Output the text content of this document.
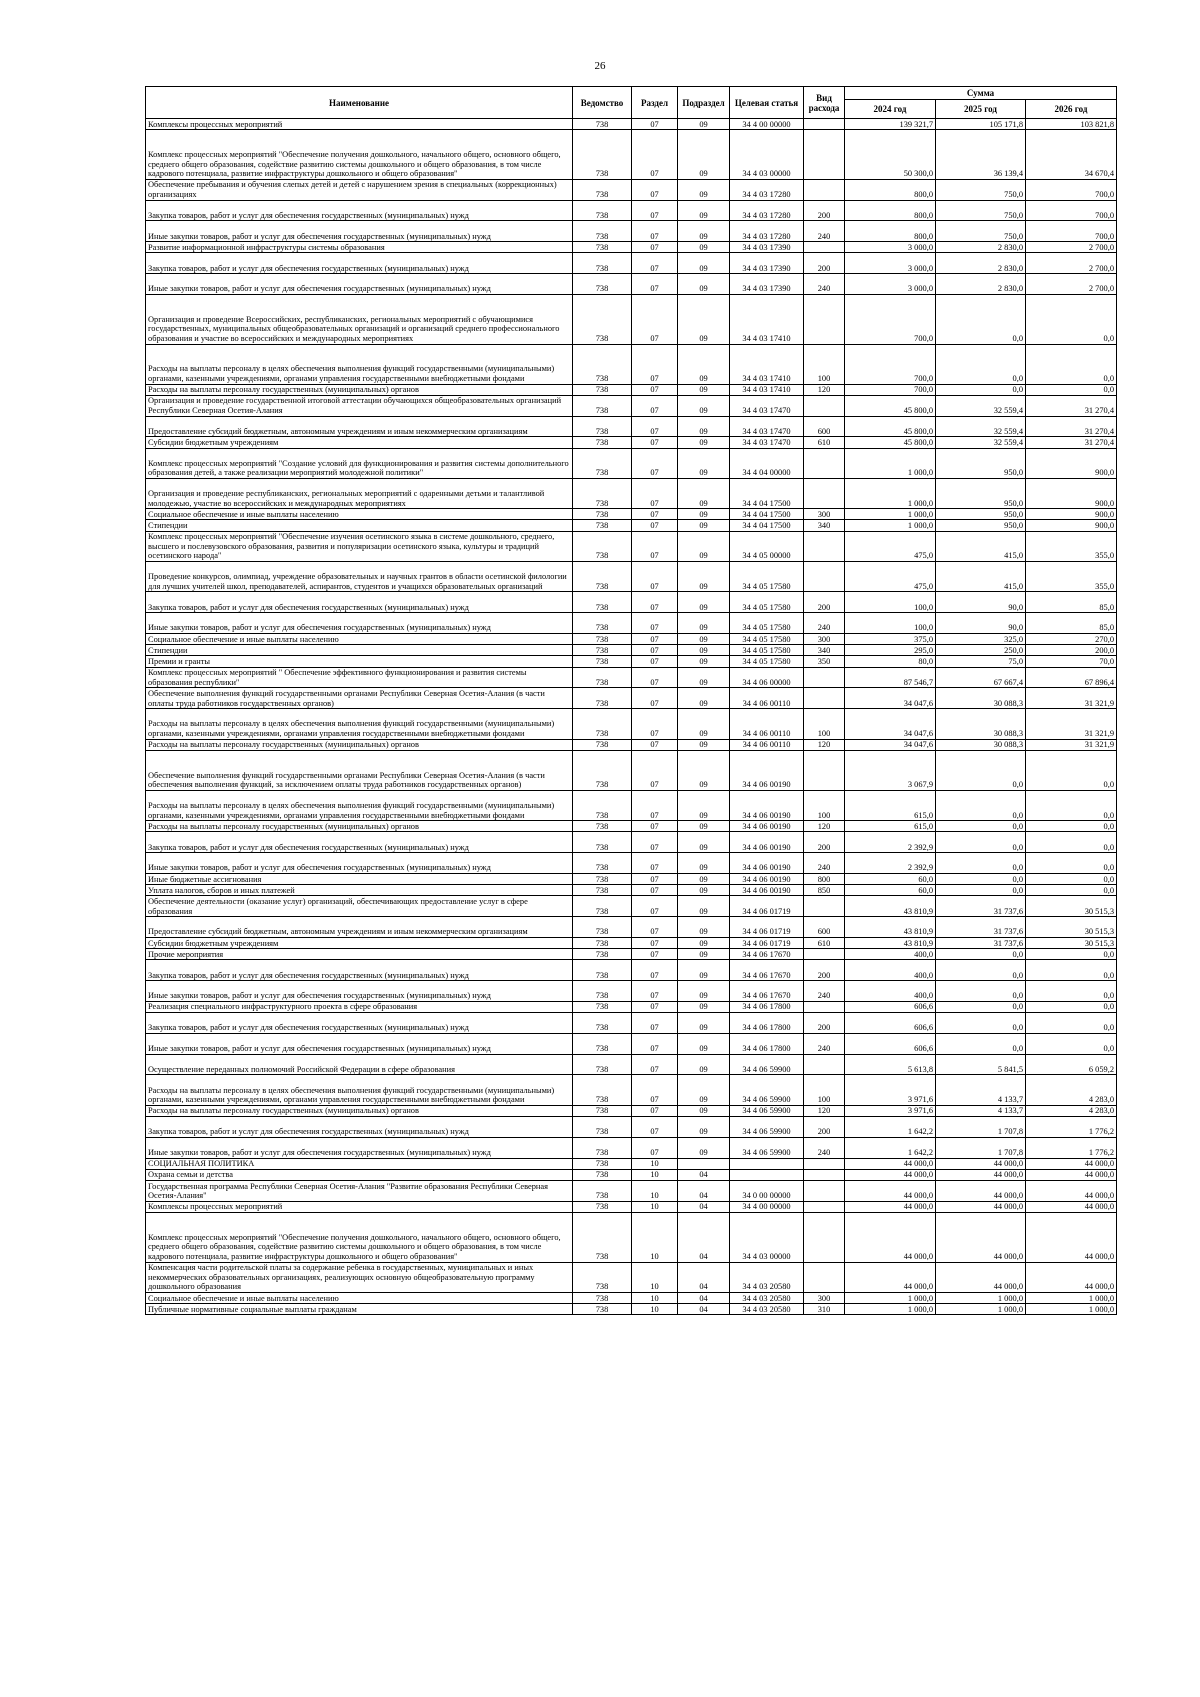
26
Наименование	Ведомство	Раздел	Подраздел	Целевая статья	Вид расхода	Сумма		
						2024 год	2025 год	2026 год
Комплексы процессных мероприятий	738	07	09	34 4 00 00000		139 321,7	105 171,8	103 821,8
Комплекс процессных мероприятий "Обеспечение получения дошкольного, начального общего, основного общего, среднего общего образования, содействие развитию системы дошкольного и общего образования, в том числе кадрового потенциала, развитие инфраструктуры дошкольного и общего образования"	738	07	09	34 4 03 00000		50 300,0	36 139,4	34 670,4
Обеспечение пребывания и обучения слепых детей и детей с нарушением зрения в специальных (коррекционных) организациях	738	07	09	34 4 03 17280		800,0	750,0	700,0
Закупка товаров, работ и услуг для обеспечения государственных (муниципальных) нужд	738	07	09	34 4 03 17280	200	800,0	750,0	700,0
Иные закупки товаров, работ и услуг для обеспечения государственных (муниципальных) нужд	738	07	09	34 4 03 17280	240	800,0	750,0	700,0
Развитие информационной инфраструктуры системы образования	738	07	09	34 4 03 17390		3 000,0	2 830,0	2 700,0
Закупка товаров, работ и услуг для обеспечения государственных (муниципальных) нужд	738	07	09	34 4 03 17390	200	3 000,0	2 830,0	2 700,0
Иные закупки товаров, работ и услуг для обеспечения государственных (муниципальных) нужд	738	07	09	34 4 03 17390	240	3 000,0	2 830,0	2 700,0
Организация и проведение Всероссийских, республиканских, региональных мероприятий с обучающимися государственных, муниципальных общеобразовательных организаций и организаций среднего профессионального образования и участие во всероссийских и международных мероприятиях	738	07	09	34 4 03 17410		700,0	0,0	0,0
Расходы на выплаты персоналу в целях обеспечения выполнения функций государственными (муниципальными) органами, казенными учреждениями, органами управления государственными внебюджетными фондами	738	07	09	34 4 03 17410	100	700,0	0,0	0,0
Расходы на выплаты персоналу государственных (муниципальных) органов	738	07	09	34 4 03 17410	120	700,0	0,0	0,0
Организация и проведение государственной итоговой аттестации обучающихся общеобразовательных организаций Республики Северная Осетия-Алания	738	07	09	34 4 03 17470		45 800,0	32 559,4	31 270,4
Предоставление субсидий бюджетным, автономным учреждениям и иным некоммерческим организациям	738	07	09	34 4 03 17470	600	45 800,0	32 559,4	31 270,4
Субсидии бюджетным учреждениям	738	07	09	34 4 03 17470	610	45 800,0	32 559,4	31 270,4
Комплекс процессных мероприятий "Создание условий для функционирования и развития системы дополнительного образования детей, а также реализации мероприятий молодежной политики"	738	07	09	34 4 04 00000		1 000,0	950,0	900,0
Организация и проведение республиканских, региональных мероприятий с одаренными детьми и талантливой молодежью, участие во всероссийских и международных мероприятиях	738	07	09	34 4 04 17500		1 000,0	950,0	900,0
Социальное обеспечение и иные выплаты населению	738	07	09	34 4 04 17500	300	1 000,0	950,0	900,0
Стипендии	738	07	09	34 4 04 17500	340	1 000,0	950,0	900,0
Комплекс процессных мероприятий "Обеспечение изучения осетинского языка в системе дошкольного, среднего, высшего и послевузовского образования, развития и популяризации осетинского языка, культуры и традиций осетинского народа"	738	07	09	34 4 05 00000		475,0	415,0	355,0
Проведение конкурсов, олимпиад, учреждение образовательных и научных грантов в области осетинской филологии для лучших учителей школ, преподавателей, аспирантов, студентов и учащихся образовательных организаций	738	07	09	34 4 05 17580		475,0	415,0	355,0
Закупка товаров, работ и услуг для обеспечения государственных (муниципальных) нужд	738	07	09	34 4 05 17580	200	100,0	90,0	85,0
Иные закупки товаров, работ и услуг для обеспечения государственных (муниципальных) нужд	738	07	09	34 4 05 17580	240	100,0	90,0	85,0
Социальное обеспечение и иные выплаты населению	738	07	09	34 4 05 17580	300	375,0	325,0	270,0
Стипендии	738	07	09	34 4 05 17580	340	295,0	250,0	200,0
Премии и гранты	738	07	09	34 4 05 17580	350	80,0	75,0	70,0
Комплекс процессных мероприятий " Обеспечение эффективного функционирования и развития системы образования республики"	738	07	09	34 4 06 00000		87 546,7	67 667,4	67 896,4
Обеспечение выполнения функций государственными органами Республики Северная Осетия-Алания (в части оплаты труда работников государственных органов)	738	07	09	34 4 06 00110		34 047,6	30 088,3	31 321,9
Расходы на выплаты персоналу в целях обеспечения выполнения функций государственными (муниципальными) органами, казенными учреждениями, органами управления государственными внебюджетными фондами	738	07	09	34 4 06 00110	100	34 047,6	30 088,3	31 321,9
Расходы на выплаты персоналу государственных (муниципальных) органов	738	07	09	34 4 06 00110	120	34 047,6	30 088,3	31 321,9
Обеспечение выполнения функций государственными органами Республики Северная Осетия-Алания (в части обеспечения выполнения функций, за исключением оплаты труда работников государственных органов)	738	07	09	34 4 06 00190		3 067,9	0,0	0,0
Расходы на выплаты персоналу в целях обеспечения выполнения функций государственными (муниципальными) органами, казенными учреждениями, органами управления государственными внебюджетными фондами	738	07	09	34 4 06 00190	100	615,0	0,0	0,0
Расходы на выплаты персоналу государственных (муниципальных) органов	738	07	09	34 4 06 00190	120	615,0	0,0	0,0
Закупка товаров, работ и услуг для обеспечения государственных (муниципальных) нужд	738	07	09	34 4 06 00190	200	2 392,9	0,0	0,0
Иные закупки товаров, работ и услуг для обеспечения государственных (муниципальных) нужд	738	07	09	34 4 06 00190	240	2 392,9	0,0	0,0
Иные бюджетные ассигнования	738	07	09	34 4 06 00190	800	60,0	0,0	0,0
Уплата налогов, сборов и иных платежей	738	07	09	34 4 06 00190	850	60,0	0,0	0,0
Обеспечение деятельности (оказание услуг) организаций, обеспечивающих предоставление услуг в сфере образования	738	07	09	34 4 06 01719		43 810,9	31 737,6	30 515,3
Предоставление субсидий бюджетным, автономным учреждениям и иным некоммерческим организациям	738	07	09	34 4 06 01719	600	43 810,9	31 737,6	30 515,3
Субсидии бюджетным учреждениям	738	07	09	34 4 06 01719	610	43 810,9	31 737,6	30 515,3
Прочие мероприятия	738	07	09	34 4 06 17670		400,0	0,0	0,0
Закупка товаров, работ и услуг для обеспечения государственных (муниципальных) нужд	738	07	09	34 4 06 17670	200	400,0	0,0	0,0
Иные закупки товаров, работ и услуг для обеспечения государственных (муниципальных) нужд	738	07	09	34 4 06 17670	240	400,0	0,0	0,0
Реализация специального инфраструктурного проекта в сфере образования	738	07	09	34 4 06 17800		606,6	0,0	0,0
Закупка товаров, работ и услуг для обеспечения государственных (муниципальных) нужд	738	07	09	34 4 06 17800	200	606,6	0,0	0,0
Иные закупки товаров, работ и услуг для обеспечения государственных (муниципальных) нужд	738	07	09	34 4 06 17800	240	606,6	0,0	0,0
Осуществление переданных полномочий Российской Федерации в сфере образования	738	07	09	34 4 06 59900		5 613,8	5 841,5	6 059,2
Расходы на выплаты персоналу в целях обеспечения выполнения функций государственными (муниципальными) органами, казенными учреждениями, органами управления государственными внебюджетными фондами	738	07	09	34 4 06 59900	100	3 971,6	4 133,7	4 283,0
Расходы на выплаты персоналу государственных (муниципальных) органов	738	07	09	34 4 06 59900	120	3 971,6	4 133,7	4 283,0
Закупка товаров, работ и услуг для обеспечения государственных (муниципальных) нужд	738	07	09	34 4 06 59900	200	1 642,2	1 707,8	1 776,2
Иные закупки товаров, работ и услуг для обеспечения государственных (муниципальных) нужд	738	07	09	34 4 06 59900	240	1 642,2	1 707,8	1 776,2
СОЦИАЛЬНАЯ ПОЛИТИКА	738	10				44 000,0	44 000,0	44 000,0
Охрана семьи и детства	738	10	04			44 000,0	44 000,0	44 000,0
Государственная программа Республики Северная Осетия-Алания "Развитие образования Республики Северная Осетия-Алания"	738	10	04	34 0 00 00000		44 000,0	44 000,0	44 000,0
Комплексы процессных мероприятий	738	10	04	34 4 00 00000		44 000,0	44 000,0	44 000,0
Комплекс процессных мероприятий "Обеспечение получения дошкольного, начального общего, основного общего, среднего общего образования, содействие развитию системы дошкольного и общего образования, в том числе кадрового потенциала, развитие инфраструктуры дошкольного и общего образования"	738	10	04	34 4 03 00000		44 000,0	44 000,0	44 000,0
Компенсация части родительской платы за содержание ребенка в государственных, муниципальных и иных некоммерческих образовательных организациях, реализующих основную общеобразовательную программу дошкольного образования	738	10	04	34 4 03 20580		44 000,0	44 000,0	44 000,0
Социальное обеспечение и иные выплаты населению	738	10	04	34 4 03 20580	300	1 000,0	1 000,0	1 000,0
Публичные нормативные социальные выплаты гражданам	738	10	04	34 4 03 20580	310	1 000,0	1 000,0	1 000,0
